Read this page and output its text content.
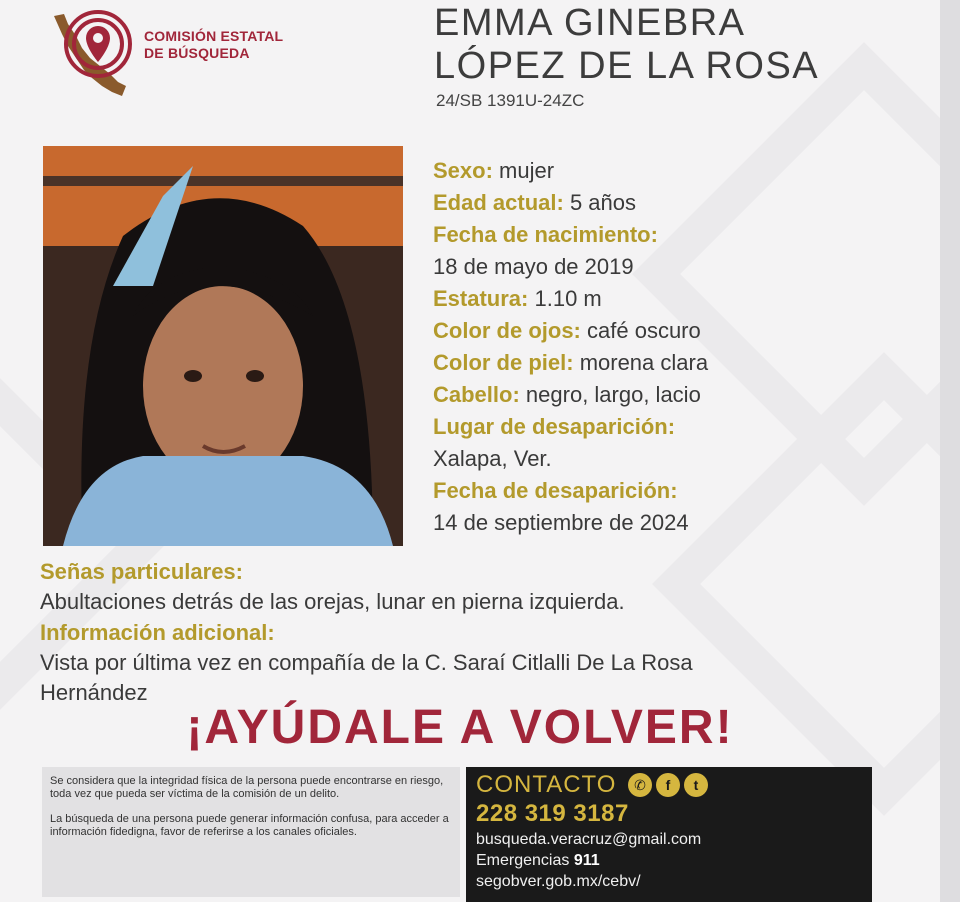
COMISIÓN ESTATAL
DE BÚSQUEDA
EMMA GINEBRA
LÓPEZ DE LA ROSA
24/SB 1391U-24ZC
Sexo: mujer
Edad actual: 5 años
Fecha de nacimiento:
18 de mayo de 2019
Estatura: 1.10 m
Color de ojos: café oscuro
Color de piel: morena clara
Cabello: negro, largo, lacio
Lugar de desaparición:
Xalapa, Ver.
Fecha de desaparición:
14 de septiembre de 2024
Señas particulares:
Abultaciones detrás de las orejas, lunar en pierna izquierda.
Información adicional:
Vista por última vez en compañía de la C. Saraí Citlalli De La Rosa
Hernández
¡AYÚDALE A VOLVER!

Se considera que la integridad física de la persona puede encontrarse en riesgo, toda vez que pueda ser víctima de la comisión de un delito.

La búsqueda de una persona puede generar información confusa, para acceder a información fidedigna, favor de referirse a los canales oficiales.

CONTACTO	✆	f	t
228 319 3187
busqueda.veracruz@gmail.com
Emergencias 911
segobver.gob.mx/cebv/
